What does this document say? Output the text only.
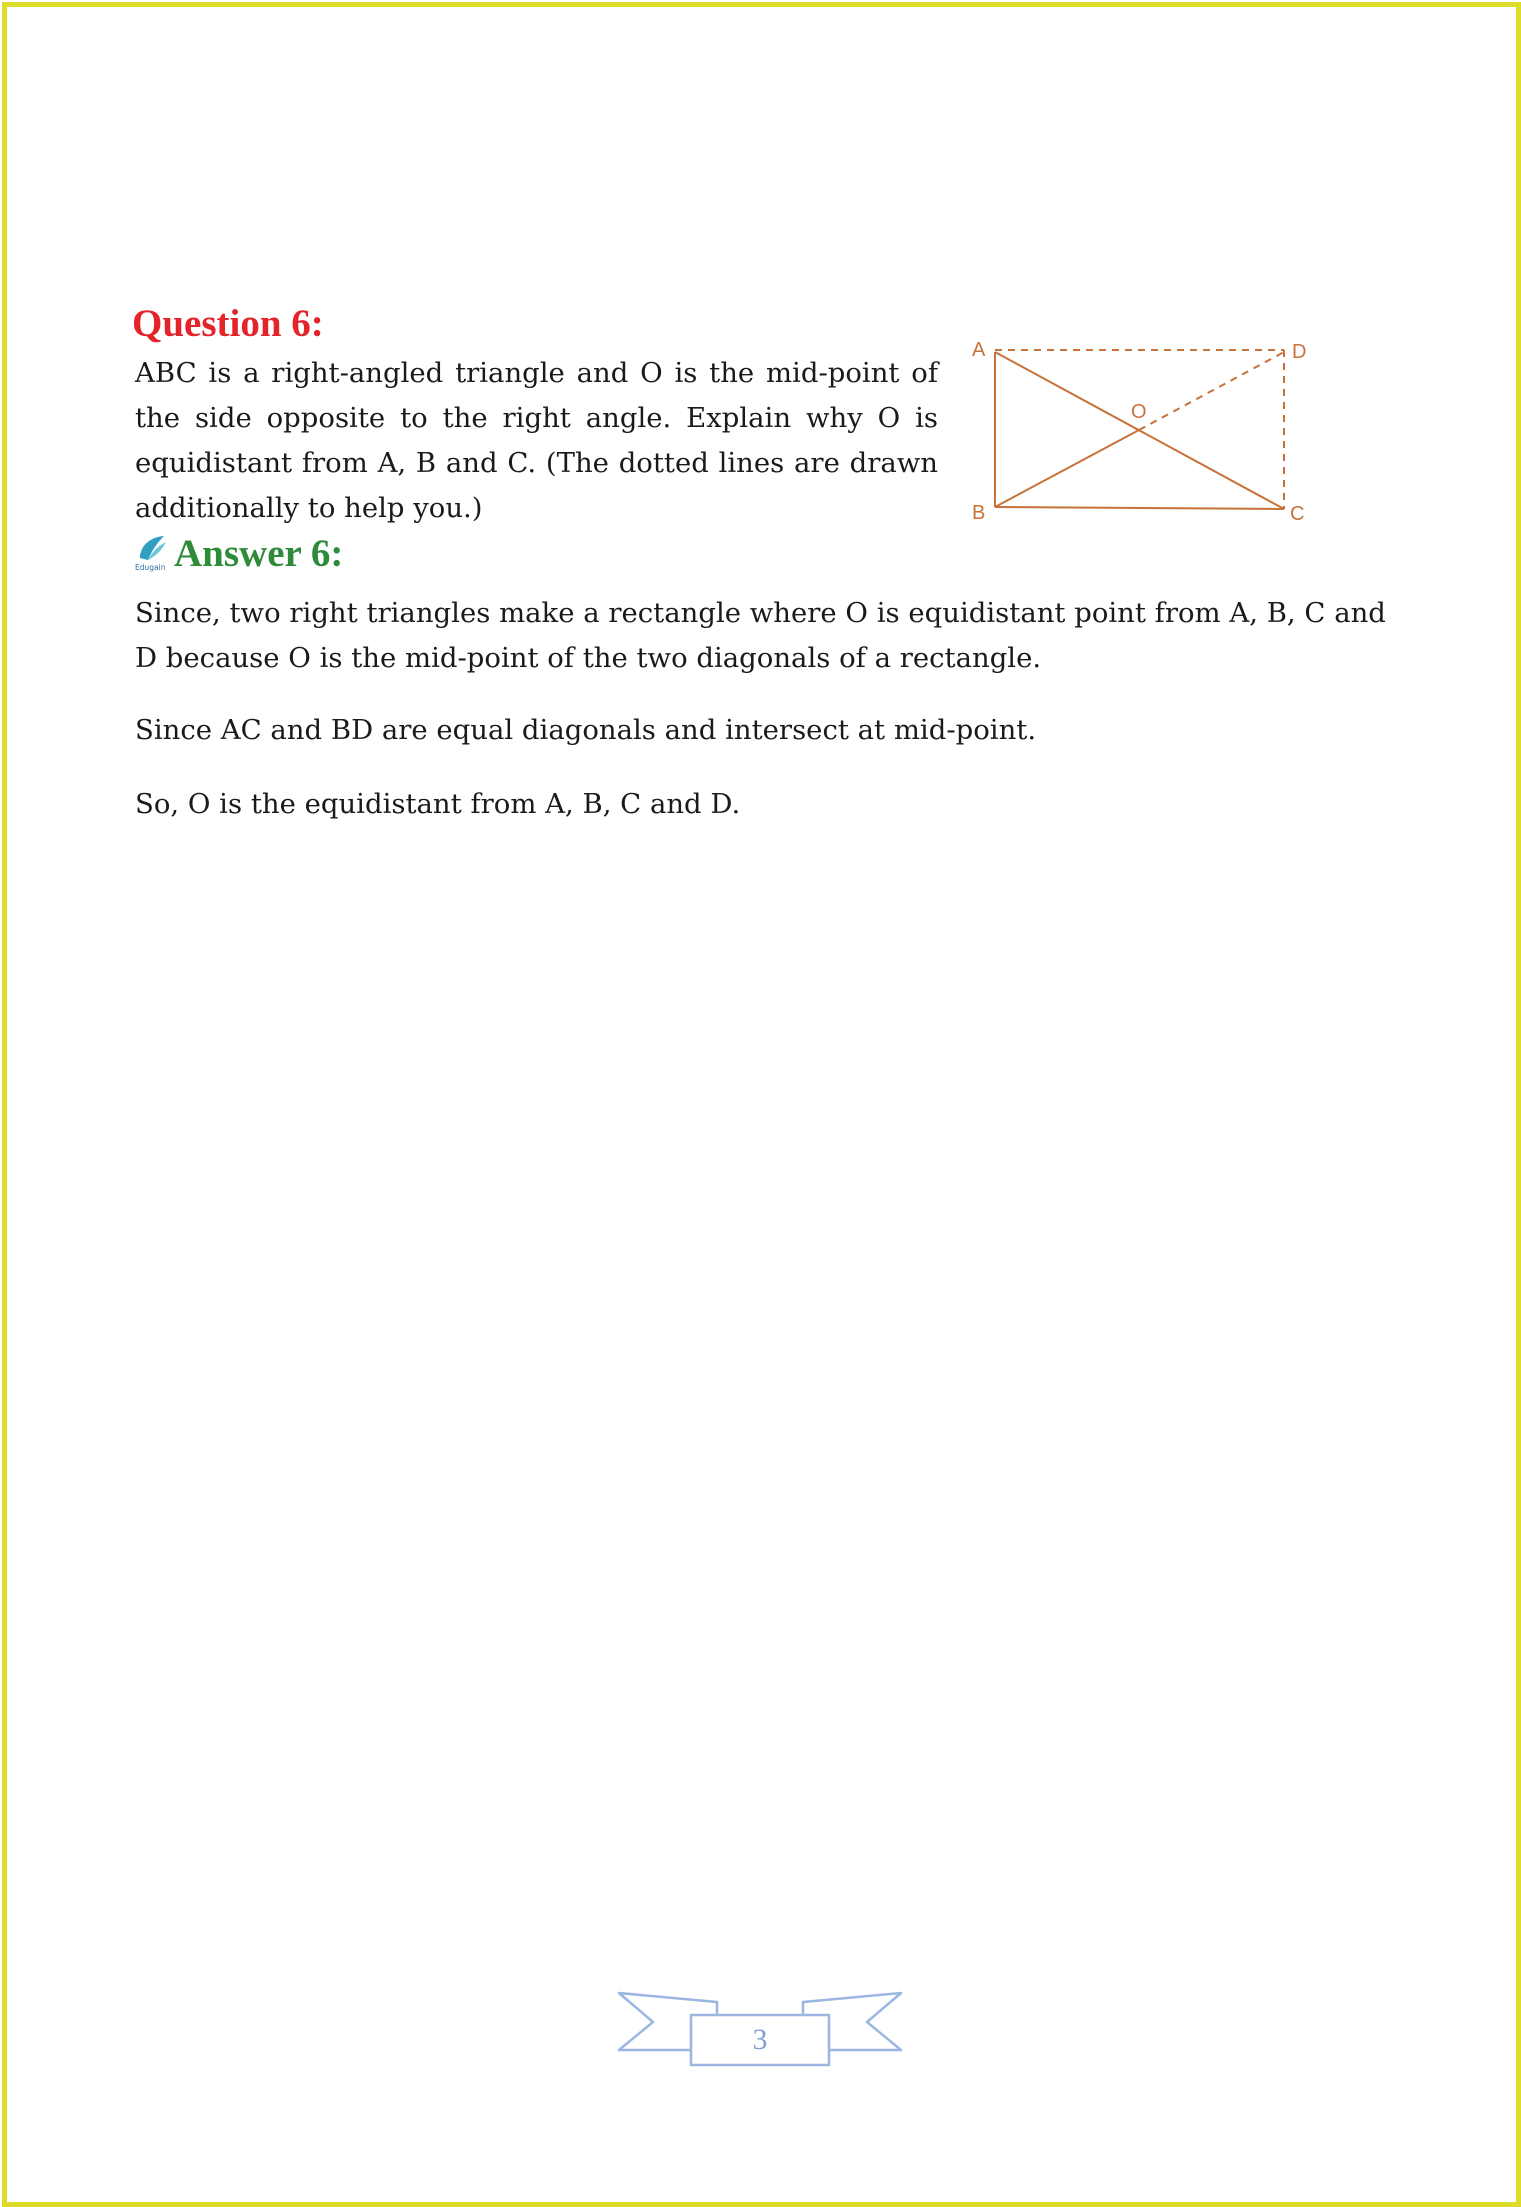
Question 6:

ABC is a right-angled triangle and O is the mid-point of the side opposite to the right angle. Explain why O is equidistant from A, B and C. (The dotted lines are drawn additionally to help you.)

A
B	C
D
O
Edugain Answer 6:

Since, two right triangles make a rectangle where O is equidistant point from A, B, C and D because O is the mid-point of the two diagonals of a rectangle.

Since AC and BD are equal diagonals and intersect at mid-point.

So, O is the equidistant from A, B, C and D.

3
